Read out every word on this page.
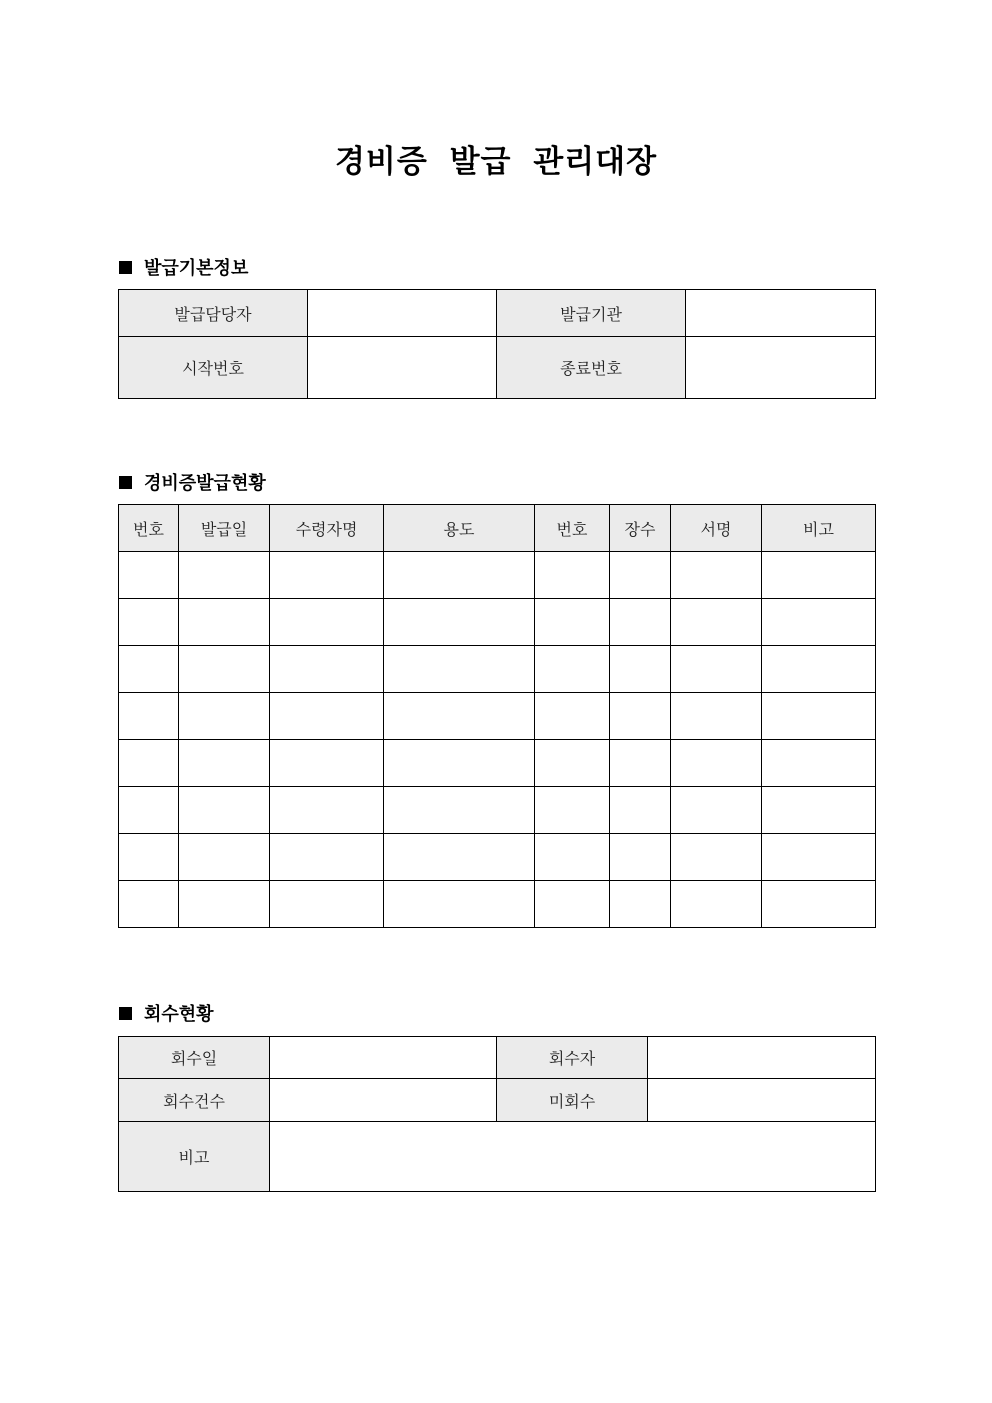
경비증 발급 관리대장
발급기본정보
발급담당자		발급기관	
시작번호		종료번호	
경비증발급현황
번호	발급일	수령자명	용도	번호	장수	서명	비고

회수현황
회수일		회수자	
회수건수		미회수	
비고			
